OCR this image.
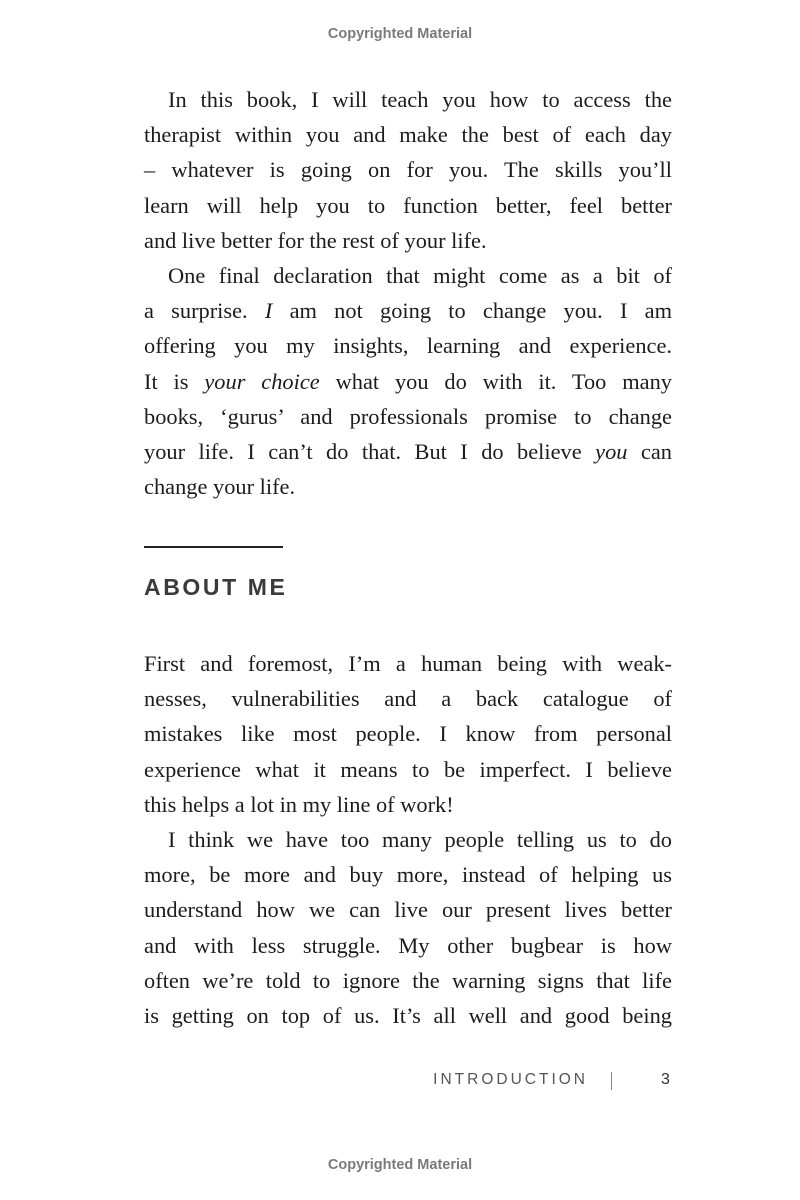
Copyrighted Material
In this book, I will teach you how to access the
therapist within you and make the best of each day
– whatever is going on for you. The skills you’ll
learn will help you to function better, feel better
and live better for the rest of your life.
One final declaration that might come as a bit of
a surprise. I am not going to change you. I am
offering you my insights, learning and experience.
It is your choice what you do with it. Too many
books, ‘gurus’ and professionals promise to change
your life. I can’t do that. But I do believe you can
change your life.
ABOUT ME
First and foremost, I’m a human being with weak-
nesses, vulnerabilities and a back catalogue of
mistakes like most people. I know from personal
experience what it means to be imperfect. I believe
this helps a lot in my line of work!
I think we have too many people telling us to do
more, be more and buy more, instead of helping us
understand how we can live our present lives better
and with less struggle. My other bugbear is how
often we’re told to ignore the warning signs that life
is getting on top of us. It’s all well and good being
INTRODUCTION	3
Copyrighted Material
